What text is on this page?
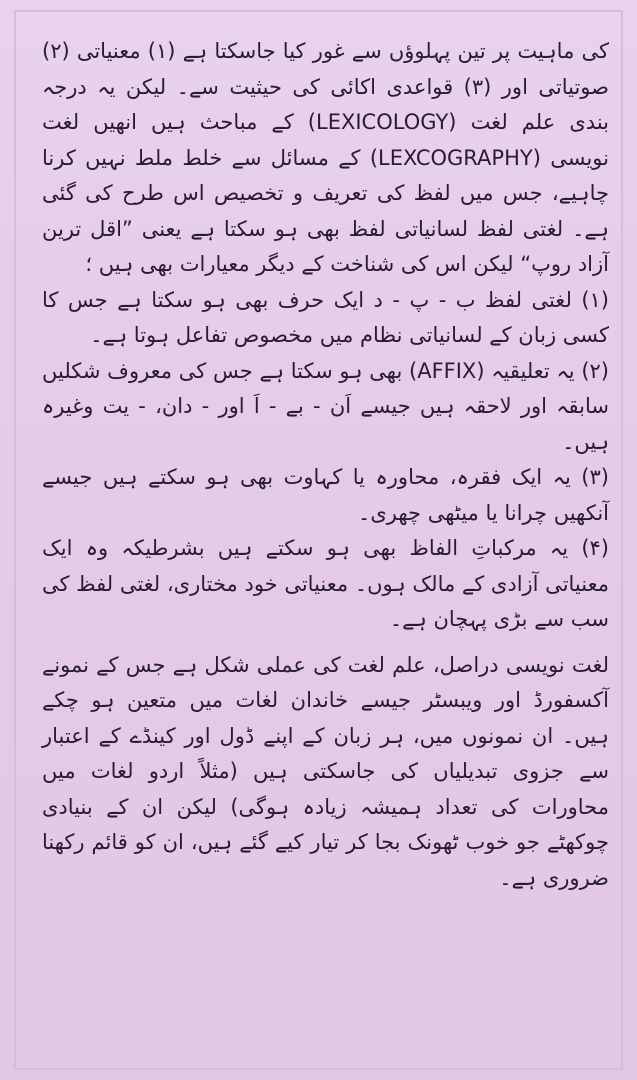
کی ماہیت پر تین پہلوؤں سے غور کیا جاسکتا ہے (۱) معنیاتی (۲) صوتیاتی اور (۳) قواعدی اکائی کی حیثیت سے۔ لیکن یہ درجہ بندی علم لغت (LEXICOLOGY) کے مباحث ہیں انھیں لغت نویسی (LEXCOGRAPHY) کے مسائل سے خلط ملط نہیں کرنا چاہیے، جس میں لفظ کی تعریف و تخصیص اس طرح کی گئی ہے۔ لغتی لفظ لسانیاتی لفظ بھی ہو سکتا ہے یعنی ”اقل ترین آزاد روپ“ لیکن اس کی شناخت کے دیگر معیارات بھی ہیں ؛

(۱) لغتی لفظ ب - پ - د ایک حرف بھی ہو سکتا ہے جس کا کسی زبان کے لسانیاتی نظام میں مخصوص تفاعل ہوتا ہے۔

(۲) یہ تعلیقیہ (AFFIX) بھی ہو سکتا ہے جس کی معروف شکلیں سابقہ اور لاحقہ ہیں جیسے اَن - بے - اَ اور - دان، - یت وغیرہ ہیں۔

(۳) یہ ایک فقرہ، محاورہ یا کہاوت بھی ہو سکتے ہیں جیسے آنکھیں چرانا یا میٹھی چھری۔

(۴) یہ مرکباتِ الفاظ بھی ہو سکتے ہیں بشرطیکہ وہ ایک معنیاتی آزادی کے مالک ہوں۔ معنیاتی خود مختاری، لغتی لفظ کی سب سے بڑی پہچان ہے۔

لغت نویسی دراصل، علم لغت کی عملی شکل ہے جس کے نمونے آکسفورڈ اور ویبسٹر جیسے خاندان لغات میں متعین ہو چکے ہیں۔ ان نمونوں میں، ہر زبان کے اپنے ڈول اور کینڈے کے اعتبار سے جزوی تبدیلیاں کی جاسکتی ہیں (مثلاً اردو لغات میں محاورات کی تعداد ہمیشہ زیادہ ہوگی) لیکن ان کے بنیادی چوکھٹے جو خوب ٹھونک بجا کر تیار کیے گئے ہیں، ان کو قائم رکھنا ضروری ہے۔
